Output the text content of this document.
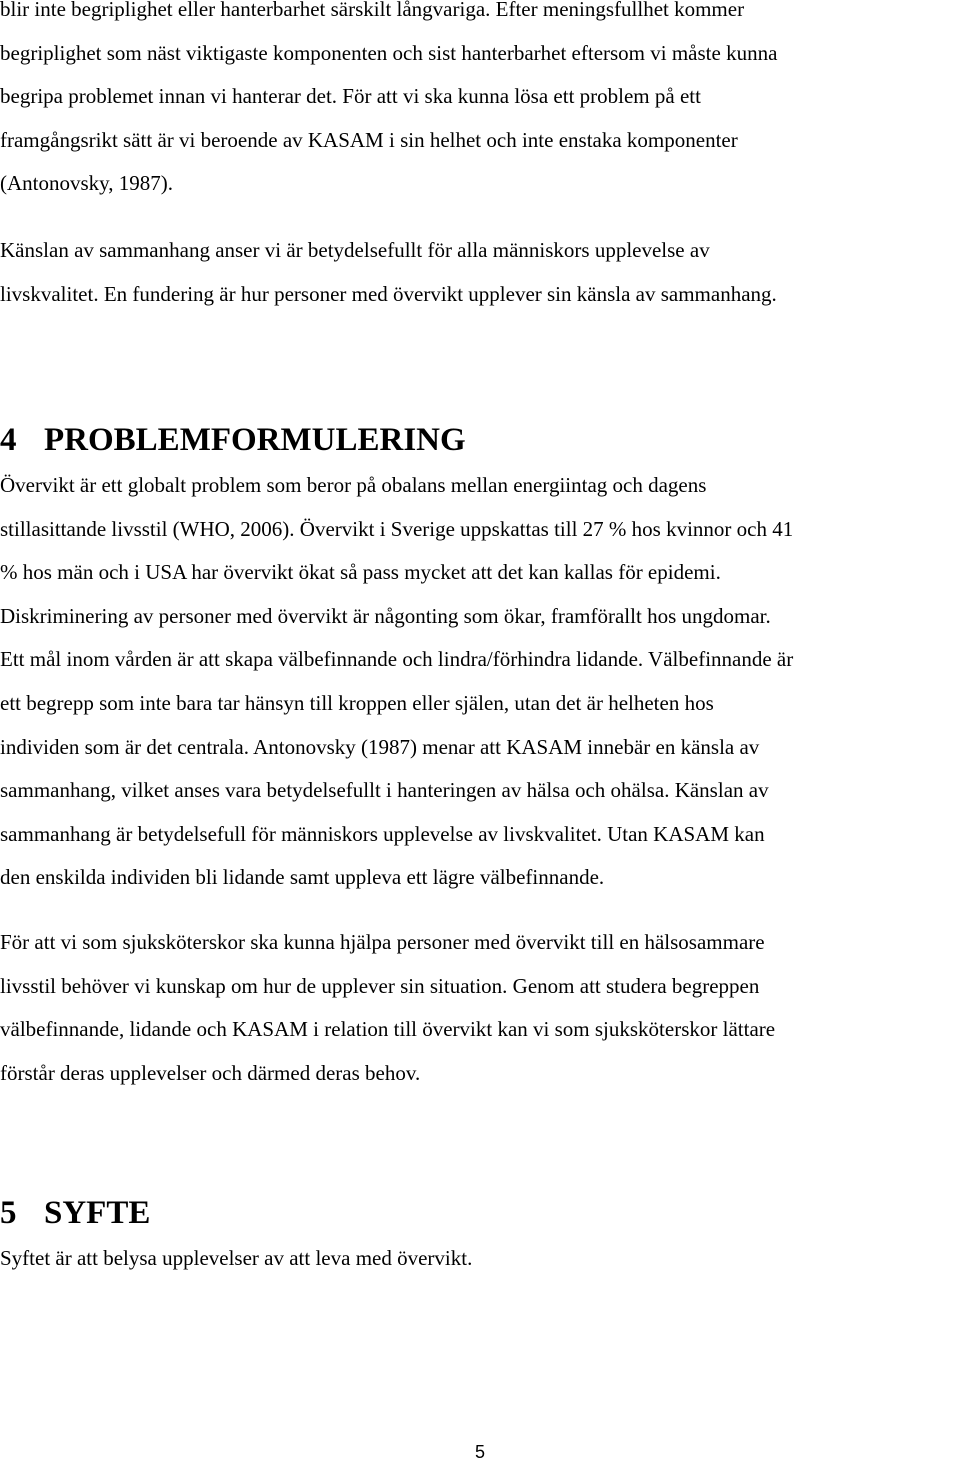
blir inte begriplighet eller hanterbarhet särskilt långvariga. Efter meningsfullhet kommer
begriplighet som näst viktigaste komponenten och sist hanterbarhet eftersom vi måste kunna
begripa problemet innan vi hanterar det. För att vi ska kunna lösa ett problem på ett
framgångsrikt sätt är vi beroende av KASAM i sin helhet och inte enstaka komponenter
(Antonovsky, 1987).
Känslan av sammanhang anser vi är betydelsefullt för alla människors upplevelse av
livskvalitet. En fundering är hur personer med övervikt upplever sin känsla av sammanhang.
4 PROBLEMFORMULERING
Övervikt är ett globalt problem som beror på obalans mellan energiintag och dagens
stillasittande livsstil (WHO, 2006). Övervikt i Sverige uppskattas till 27 % hos kvinnor och 41
% hos män och i USA har övervikt ökat så pass mycket att det kan kallas för epidemi.
Diskriminering av personer med övervikt är någonting som ökar, framförallt hos ungdomar.
Ett mål inom vården är att skapa välbefinnande och lindra/förhindra lidande. Välbefinnande är
ett begrepp som inte bara tar hänsyn till kroppen eller själen, utan det är helheten hos
individen som är det centrala. Antonovsky (1987) menar att KASAM innebär en känsla av
sammanhang, vilket anses vara betydelsefullt i hanteringen av hälsa och ohälsa. Känslan av
sammanhang är betydelsefull för människors upplevelse av livskvalitet. Utan KASAM kan
den enskilda individen bli lidande samt uppleva ett lägre välbefinnande.
För att vi som sjuksköterskor ska kunna hjälpa personer med övervikt till en hälsosammare
livsstil behöver vi kunskap om hur de upplever sin situation. Genom att studera begreppen
välbefinnande, lidande och KASAM i relation till övervikt kan vi som sjuksköterskor lättare
förstår deras upplevelser och därmed deras behov.
5 SYFTE
Syftet är att belysa upplevelser av att leva med övervikt.
5
